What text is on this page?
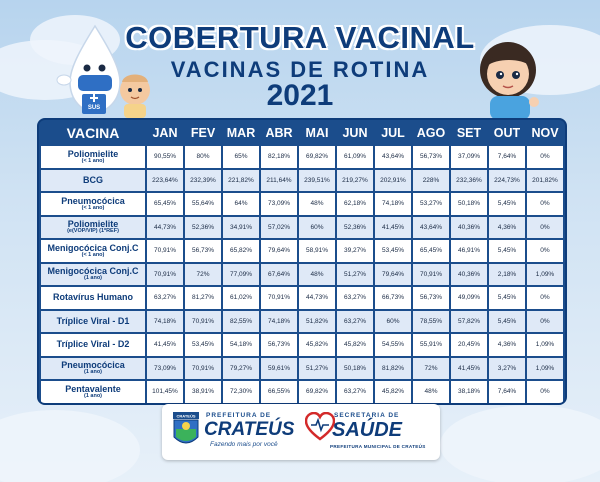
SUS
COBERTURA VACINAL
VACINAS DE ROTINA
2021
VACINA	JAN	FEV	MAR	ABR	MAI	JUN	JUL	AGO	SET	OUT	NOV
Poliomielite
(< 1 ano)	90,55%	80%	65%	82,18%	69,82%	61,09%	43,64%	56,73%	37,09%	7,64%	0%
BCG	223,64%	232,39%	221,82%	211,64%	239,51%	219,27%	202,91%	228%	232,36%	224,73%	201,82%
Pneumocócica
(< 1 ano)	65,45%	55,64%	64%	73,09%	48%	62,18%	74,18%	53,27%	50,18%	5,45%	0%
Poliomielite
(e(VOP/VIP) (1ºREF)	44,73%	52,36%	34,91%	57,02%	60%	52,36%	41,45%	43,64%	40,36%	4,36%	0%
Menigocócica Conj.C
(< 1 ano)	70,91%	56,73%	65,82%	79,64%	58,91%	39,27%	53,45%	65,45%	46,91%	5,45%	0%
Menigocócica Conj.C
(1 ano)	70,91%	72%	77,09%	67,64%	48%	51,27%	79,64%	70,91%	40,36%	2,18%	1,09%
Rotavírus Humano	63,27%	81,27%	61,02%	70,91%	44,73%	63,27%	66,73%	56,73%	49,09%	5,45%	0%
Tríplice Viral - D1	74,18%	70,91%	82,55%	74,18%	51,82%	63,27%	60%	78,55%	57,82%	5,45%	0%
Tríplice Viral - D2	41,45%	53,45%	54,18%	56,73%	45,82%	45,82%	54,55%	55,91%	20,45%	4,36%	1,09%
Pneumocócica
(1 ano)	73,09%	70,91%	79,27%	59,61%	51,27%	50,18%	81,82%	72%	41,45%	3,27%	1,09%
Pentavalente
(1 ano)	101,45%	38,91%	72,30%	66,55%	69,82%	63,27%	45,82%	48%	38,18%	7,64%	0%
CRATEÚS PREFEITURA DE
CRATEÚS
Fazendo mais por você
SECRETARIA DE
SAÚDE
PREFEITURA MUNICIPAL DE CRATEÚS
